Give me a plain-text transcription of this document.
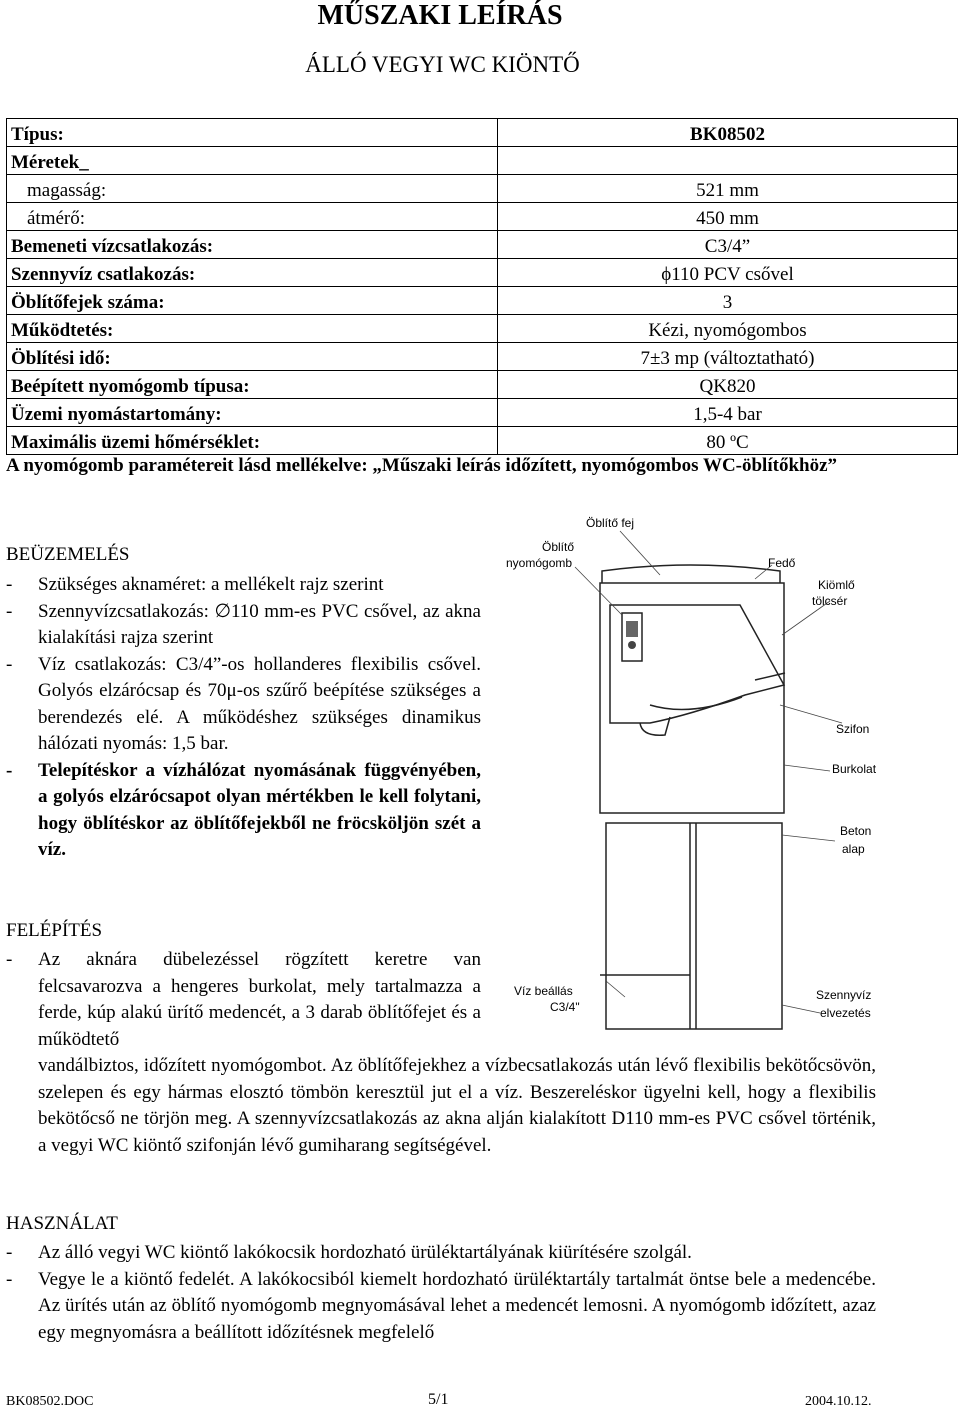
MŰSZAKI LEÍRÁS
ÁLLÓ VEGYI WC KIÖNTŐ
Típus:	BK08502
Méretek_	
magasság:	521 mm
átmérő:	450 mm
Bemeneti vízcsatlakozás:	C3/4”
Szennyvíz csatlakozás:	ϕ110 PCV csővel
Öblítőfejek száma:	3
Működtetés:	Kézi, nyomógombos
Öblítési idő:	7±3 mp (változtatható)
Beépített nyomógomb típusa:	QK820
Üzemi nyomástartomány:	1,5-4 bar
Maximális üzemi hőmérséklet:	80 ºC
A nyomógomb paramétereit lásd mellékelve: „Műszaki leírás időzített, nyomógombos WC-öblítőkhöz”
BEÜZEMELÉS
- Szükséges aknaméret: a mellékelt rajz szerint
- Szennyvízcsatlakozás: ∅110 mm-es PVC csővel, az akna kialakítási rajza szerint
- Víz csatlakozás: C3/4”-os hollanderes flexibilis csővel. Golyós elzárócsap és 70μ-os szűrő beépítése szükséges a berendezés elé. A működéshez szükséges dinamikus hálózati nyomás: 1,5 bar.
- Telepítéskor a vízhálózat nyomásának függvényében, a golyós elzárócsapot olyan mértékben le kell folytani, hogy öblítéskor az öblítőfejekből ne fröcsköljön szét a víz.
FELÉPÍTÉS
- Az aknára dübelezéssel rögzített keretre van felcsavarozva a hengeres burkolat, mely tartalmazza a ferde, kúp alakú ürítő medencét, a 3 darab öblítőfejet és a működtető
vandálbiztos, időzített nyomógombot. Az öblítőfejekhez a vízbecsatlakozás után lévő flexibilis bekötőcsövön, szelepen és egy hármas elosztó tömbön keresztül jut el a víz. Beszereléskor ügyelni kell, hogy a flexibilis bekötőcső ne törjön meg. A szennyvízcsatlakozás az akna alján kialakított D110 mm-es PVC csővel történik, a vegyi WC kiöntő szifonján lévő gumiharang segítségével.
HASZNÁLAT
- Az álló vegyi WC kiöntő lakókocsik hordozható ürüléktartályának kiürítésére szolgál.
- Vegye le a kiöntő fedelét. A lakókocsiból kiemelt hordozható ürüléktartály tartalmát öntse bele a medencébe. Az ürítés után az öblítő nyomógomb megnyomásával lehet a medencét lemosni. A nyomógomb időzített, azaz egy megnyomásra a beállított időzítésnek megfelelő
Öblítő fej
Öblítő
nyomógomb	Fedő
Kiömlő
tölcsér
Szifon
Burkolat
Beton
alap
Víz beállás
C3/4"
Szennyvíz
elvezetés
BK08502.DOC	5/1	2004.10.12.
